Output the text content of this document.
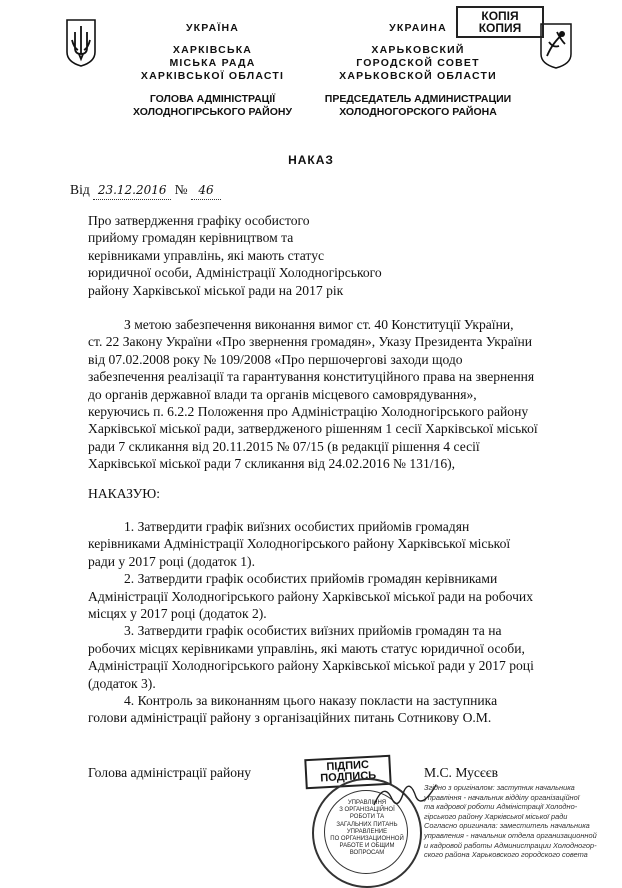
УКРАЇНА
ХАРКІВСЬКА
МІСЬКА РАДА
ХАРКІВСЬКОЇ ОБЛАСТІ
ГОЛОВА АДМІНІСТРАЦІЇ
ХОЛОДНОГІРСЬКОГО РАЙОНУ
УКРАИНА
ХАРЬКОВСКИЙ
ГОРОДСКОЙ СОВЕТ
ХАРЬКОВСКОЙ ОБЛАСТИ
ПРЕДСЕДАТЕЛЬ АДМИНИСТРАЦИИ
ХОЛОДНОГОРСКОГО РАЙОНА
КОПІЯ
КОПИЯ
НАКАЗ
Від 23.12.2016 № 46
Про затвердження графіку особистого
прийому громадян керівництвом та
керівниками управлінь, які мають статус
юридичної особи, Адміністрації Холодногірського
району Харківської міської ради на 2017 рік
З метою забезпечення виконання вимог ст. 40 Конституції України,
ст. 22 Закону України «Про звернення громадян», Указу Президента України
від 07.02.2008 року № 109/2008 «Про першочергові заходи щодо
забезпечення реалізації та гарантування конституційного права на звернення
до органів державної влади та органів місцевого самоврядування»,
керуючись п. 6.2.2 Положення про Адміністрацію Холодногірського району
Харківської міської ради, затвердженого рішенням 1 сесії Харківської міської
ради 7 скликання від 20.11.2015 № 07/15 (в редакції рішення 4 сесії
Харківської міської ради 7 скликання від 24.02.2016 № 131/16),
НАКАЗУЮ:
1. Затвердити графік виїзних особистих прийомів громадян
керівниками Адміністрації Холодногірського району Харківської міської
ради у 2017 році (додаток 1).
2. Затвердити графік особистих прийомів громадян керівниками
Адміністрації Холодногірського району Харківської міської ради на робочих
місцях у 2017 році (додаток 2).
3. Затвердити графік особистих виїзних прийомів громадян та на
робочих місцях керівниками управлінь, які мають статус юридичної особи,
Адміністрації Холодногірського району Харківської міської ради у 2017 році
(додаток 3).
4. Контроль за виконанням цього наказу покласти на заступника
голови адміністрації району з організаційних питань Сотникову О.М.
Голова адміністрації району	М.С. Мусєєв
ПІДПИС
ПОДПИСЬ
УПРАВЛІННЯ
З ОРГАНІЗАЦІЙНОЇ
РОБОТИ ТА
ЗАГАЛЬНИХ ПИТАНЬ
УПРАВЛЕНИЕ
ПО ОРГАНИЗАЦИОННОЙ
РАБОТЕ И ОБЩИМ
ВОПРОСАМ
Згідно з оригіналом: заступник начальника
управління - начальник відділу організаційної
та кадрової роботи Адміністрації Холодно-
гірського району Харківської міської ради
Согласно оригинала: заместитель начальника
управления - начальник отдела организационной
и кадровой работы Администрации Холодногор-
ского района Харьковского городского совета
